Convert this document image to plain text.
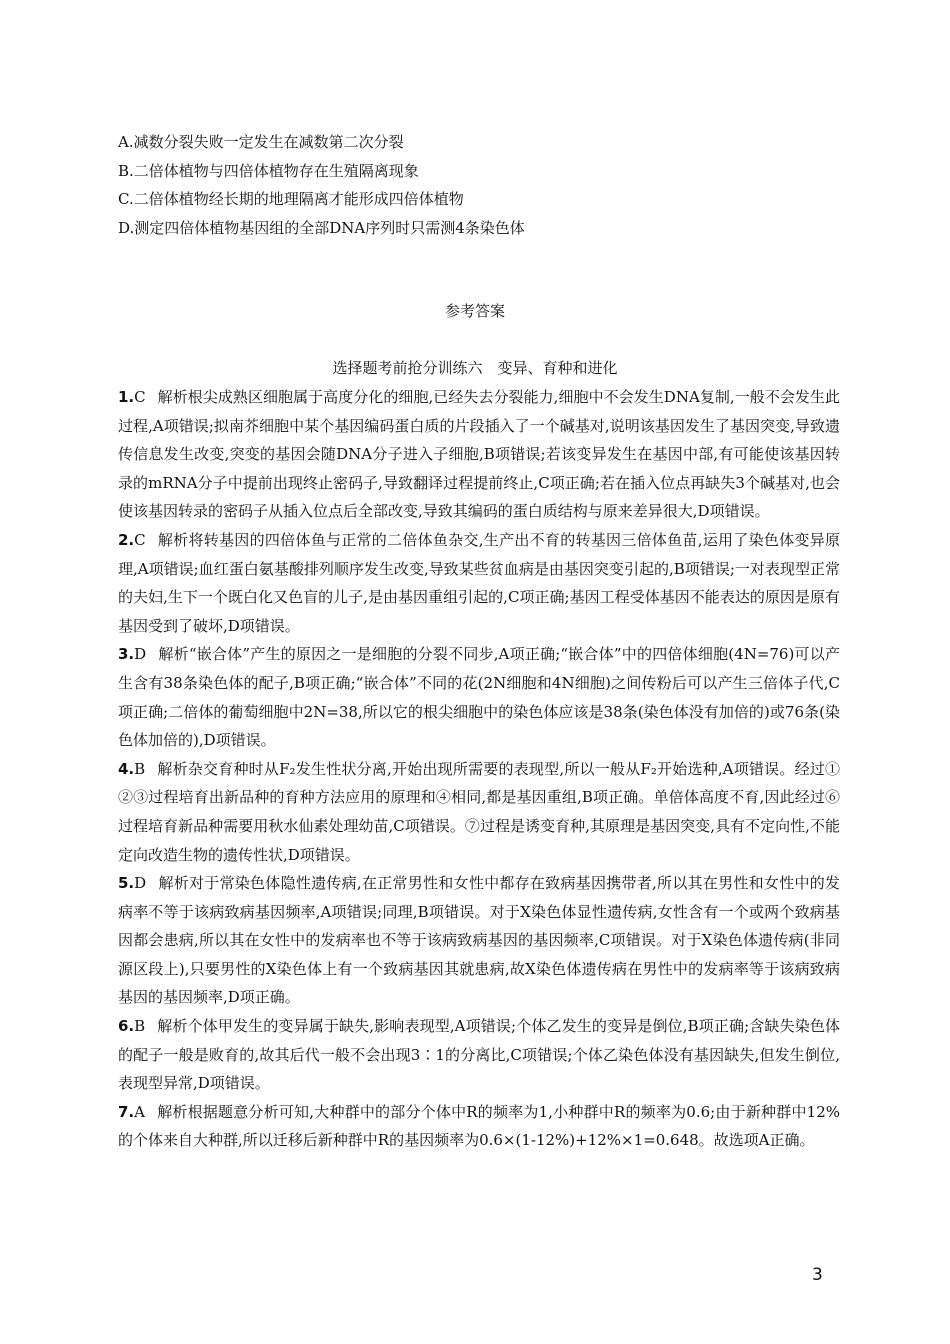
A.减数分裂失败一定发生在减数第二次分裂
B.二倍体植物与四倍体植物存在生殖隔离现象
C.二倍体植物经长期的地理隔离才能形成四倍体植物
D.测定四倍体植物基因组的全部DNA序列时只需测4条染色体
参考答案
选择题考前抢分训练六　变异、育种和进化
1.C 解析根尖成熟区细胞属于高度分化的细胞,已经失去分裂能力,细胞中不会发生DNA复制,一般不会发生此过程,A项错误;拟南芥细胞中某个基因编码蛋白质的片段插入了一个碱基对,说明该基因发生了基因突变,导致遗传信息发生改变,突变的基因会随DNA分子进入子细胞,B项错误;若该变异发生在基因中部,有可能使该基因转录的mRNA分子中提前出现终止密码子,导致翻译过程提前终止,C项正确;若在插入位点再缺失3个碱基对,也会使该基因转录的密码子从插入位点后全部改变,导致其编码的蛋白质结构与原来差异很大,D项错误。
2.C 解析将转基因的四倍体鱼与正常的二倍体鱼杂交,生产出不育的转基因三倍体鱼苗,运用了染色体变异原理,A项错误;血红蛋白氨基酸排列顺序发生改变,导致某些贫血病是由基因突变引起的,B项错误;一对表现型正常的夫妇,生下一个既白化又色盲的儿子,是由基因重组引起的,C项正确;基因工程受体基因不能表达的原因是原有基因受到了破坏,D项错误。
3.D 解析“嵌合体”产生的原因之一是细胞的分裂不同步,A项正确;“嵌合体”中的四倍体细胞(4N=76)可以产生含有38条染色体的配子,B项正确;“嵌合体”不同的花(2N细胞和4N细胞)之间传粉后可以产生三倍体子代,C项正确;二倍体的葡萄细胞中2N=38,所以它的根尖细胞中的染色体应该是38条(染色体没有加倍的)或76条(染色体加倍的),D项错误。
4.B 解析杂交育种时从F₂发生性状分离,开始出现所需要的表现型,所以一般从F₂开始选种,A项错误。经过①②③过程培育出新品种的育种方法应用的原理和④相同,都是基因重组,B项正确。单倍体高度不育,因此经过⑥过程培育新品种需要用秋水仙素处理幼苗,C项错误。⑦过程是诱变育种,其原理是基因突变,具有不定向性,不能定向改造生物的遗传性状,D项错误。
5.D 解析对于常染色体隐性遗传病,在正常男性和女性中都存在致病基因携带者,所以其在男性和女性中的发病率不等于该病致病基因频率,A项错误;同理,B项错误。对于X染色体显性遗传病,女性含有一个或两个致病基因都会患病,所以其在女性中的发病率也不等于该病致病基因的基因频率,C项错误。对于X染色体遗传病(非同源区段上),只要男性的X染色体上有一个致病基因其就患病,故X染色体遗传病在男性中的发病率等于该病致病基因的基因频率,D项正确。
6.B 解析个体甲发生的变异属于缺失,影响表现型,A项错误;个体乙发生的变异是倒位,B项正确;含缺失染色体的配子一般是败育的,故其后代一般不会出现3∶1的分离比,C项错误;个体乙染色体没有基因缺失,但发生倒位,表现型异常,D项错误。
7.A 解析根据题意分析可知,大种群中的部分个体中R的频率为1,小种群中R的频率为0.6;由于新种群中12%的个体来自大种群,所以迁移后新种群中R的基因频率为0.6×(1-12%)+12%×1=0.648。故选项A正确。
3
